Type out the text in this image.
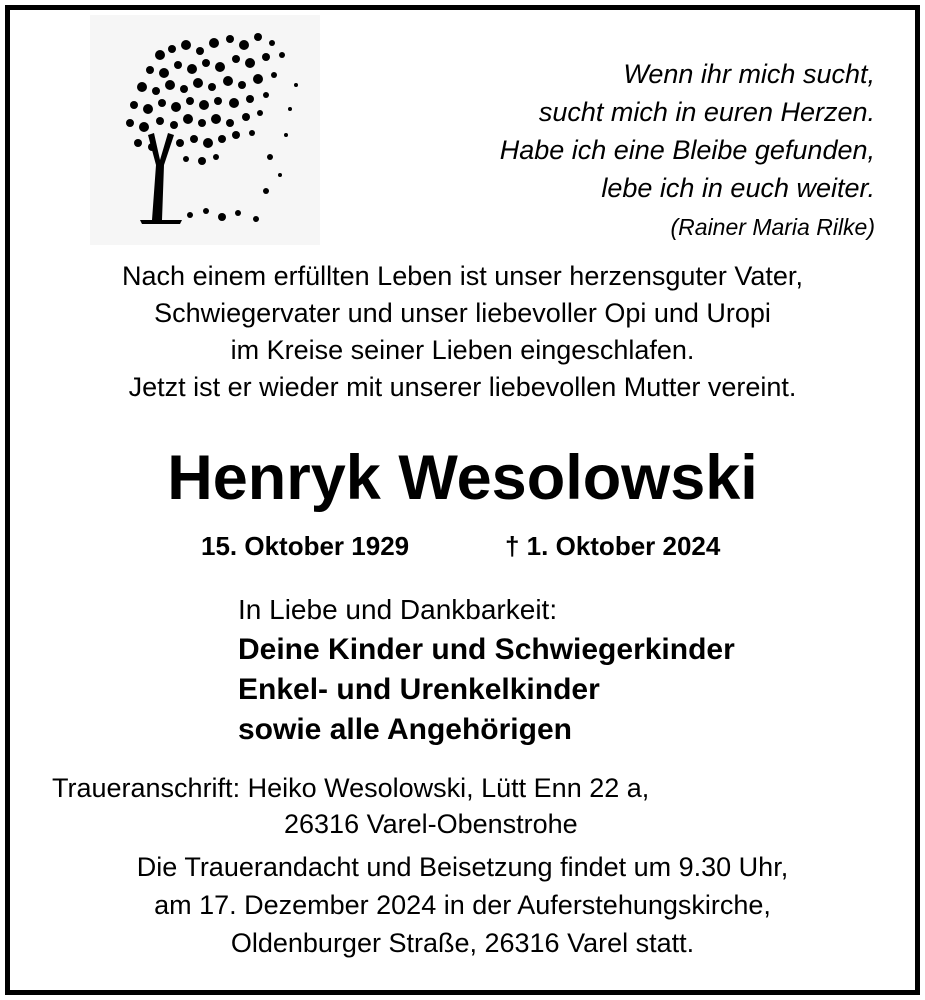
Wenn ihr mich sucht,
sucht mich in euren Herzen.
Habe ich eine Bleibe gefunden,
lebe ich in euch weiter.
(Rainer Maria Rilke)
Nach einem erfüllten Leben ist unser herzensguter Vater,
Schwiegervater und unser liebevoller Opi und Uropi
im Kreise seiner Lieben eingeschlafen.
Jetzt ist er wieder mit unserer liebevollen Mutter vereint.
Henryk Wesolowski
15. Oktober 1929	† 1. Oktober 2024
In Liebe und Dankbarkeit:
Deine Kinder und Schwiegerkinder
Enkel- und Urenkelkinder
sowie alle Angehörigen
Traueranschrift: Heiko Wesolowski, Lütt Enn 22 a,
26316 Varel-Obenstrohe
Die Trauerandacht und Beisetzung findet um 9.30 Uhr,
am 17. Dezember 2024 in der Auferstehungskirche,
Oldenburger Straße, 26316 Varel statt.
